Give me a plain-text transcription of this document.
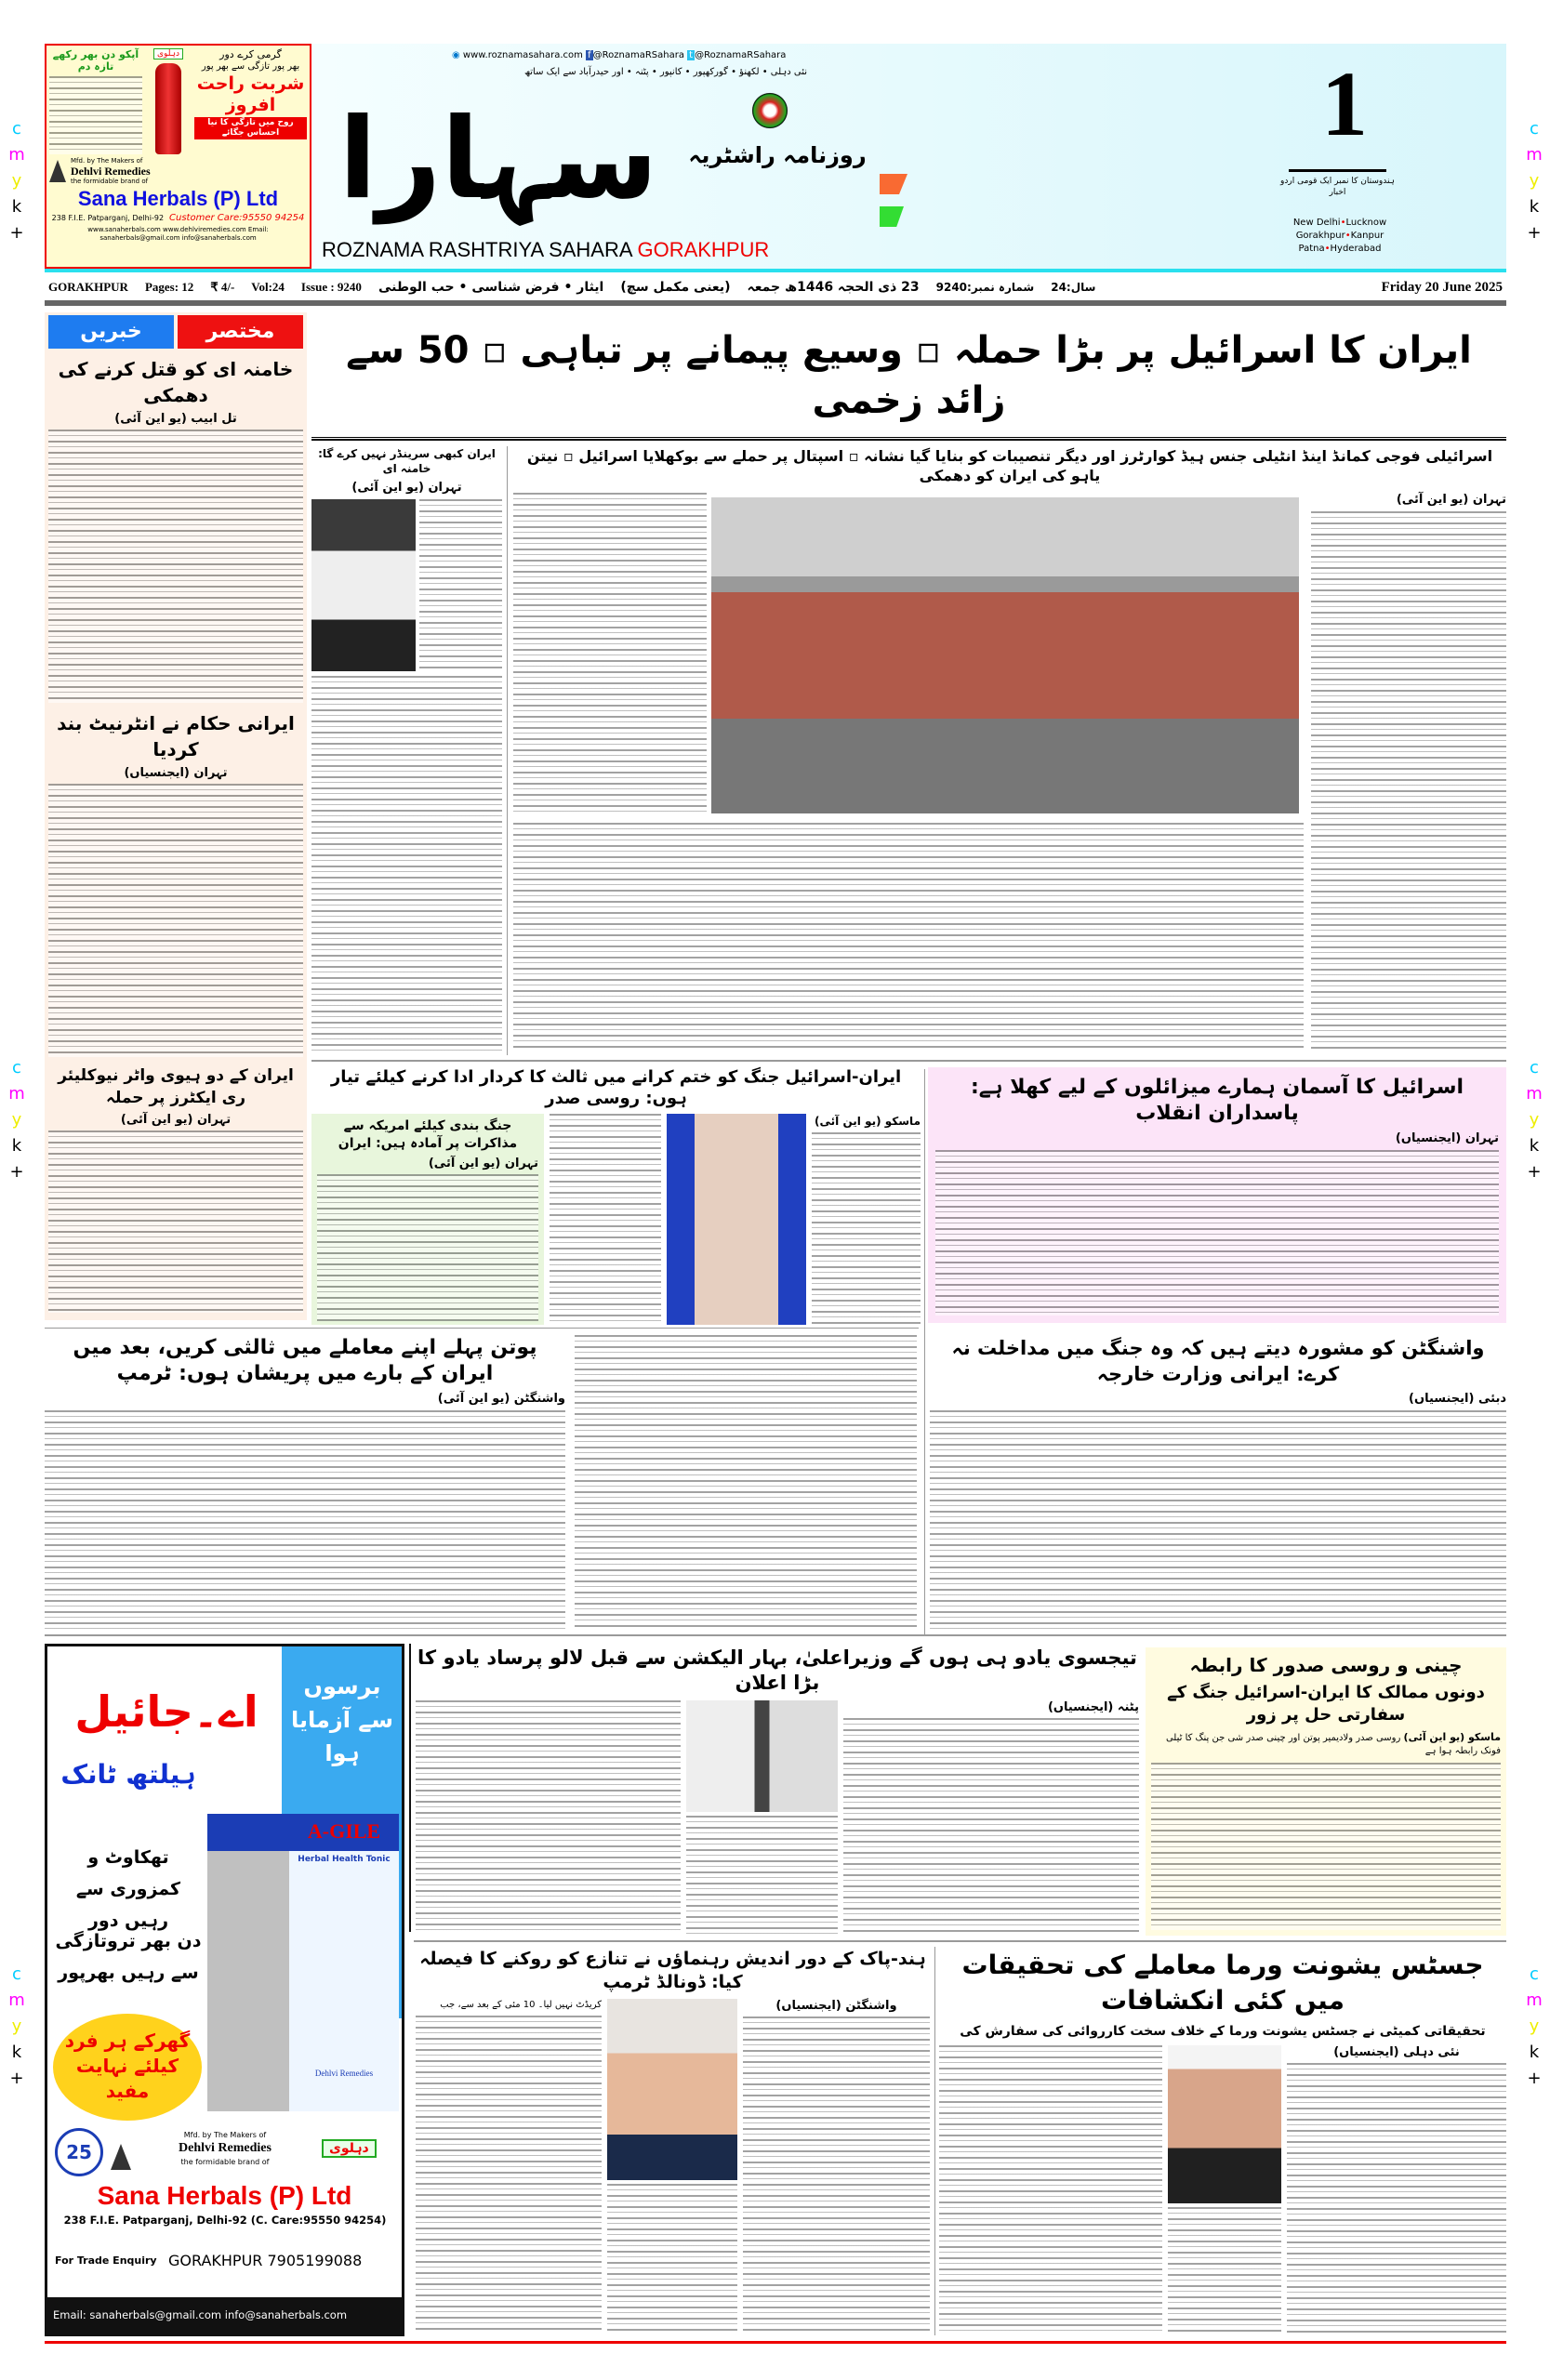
c
m
y
k
+
c
m
y
k
+
c
m
y
k
+
c
m
y
k
+
c
m
y
k
+
c
m
y
k
+
آپکو دن بھر رکھے تازہ دم
دہلوی	گرمی کرے دور
بھر پور تازگی سے بھر پور
شربت راحت افروز
روح میں تازگی کا نیا احساس جگائے
Mfd. by The Makers of
Dehlvi Remedies
the formidable brand of
Sana Herbals (P) Ltd
238 F.I.E. Patparganj, Delhi-92 Customer Care:95550 94254
www.sanaherbals.com www.dehlviremedies.com Email: sanaherbals@gmail.com info@sanaherbals.com
◉ www.roznamasahara.com f @RoznamaRSahara t @RoznamaRSahara
نئی دہلی • لکھنؤ • گورکھپور • کانپور • پٹنہ • اور حیدرآباد سے ایک ساتھ
سہارا	روزنامہ راشٹریہ
ROZNAMA RASHTRIYA SAHARA GORAKHPUR
1
ہندوستان کا نمبر ایک قومی اردو اخبار
New Delhi•Lucknow
Gorakhpur•Kanpur
Patna•Hyderabad
GORAKHPUR Pages: 12 ₹ 4/- Vol:24 Issue : 9240 ایثار • فرض شناسی • حب الوطنی (یعنی مکمل سچ) 23 ذی الحجہ 1446ھ جمعہ شمارہ نمبر:9240 سال:24	Friday 20 June 2025
خبریں	مختصر
خامنہ ای کو قتل کرنے کی دھمکی
تل ابیب (یو این آئی)
ایرانی حکام نے انٹرنیٹ بند کردیا
تہران (ایجنسیاں)
ایران کے دو ہیوی واٹر نیوکلیئر ری ایکٹرز پر حملہ
تہران (یو این آئی)
ایران کا اسرائیل پر بڑا حملہ ▫ وسیع پیمانے پر تباہی ▫ 50 سے زائد زخمی
اسرائیلی فوجی کمانڈ اینڈ انٹیلی جنس ہیڈ کوارٹرز اور دیگر تنصیبات کو بنایا گیا نشانہ ▫ اسپتال پر حملے سے بوکھلایا اسرائیل ▫ نیتن یاہو کی ایران کو دھمکی
ایران کبھی سرینڈر نہیں کرے گا: خامنہ ای
تہران (یو این آئی)
تہران (یو این آئی)
ایران-اسرائیل جنگ کو ختم کرانے میں ثالث کا کردار ادا کرنے کیلئے تیار ہوں: روسی صدر
جنگ بندی کیلئے امریکہ سے مذاکرات پر آمادہ ہیں: ایران
تہران (یو این آئی)
ماسکو (یو این آئی)
اسرائیل کا آسمان ہمارے میزائلوں کے لیے کھلا ہے: پاسداران انقلاب
تہران (ایجنسیاں)
پوتن پہلے اپنے معاملے میں ثالثی کریں، بعد میں ایران کے بارے میں پریشان ہوں: ٹرمپ
واشنگٹن (یو این آئی)
واشنگٹن کو مشورہ دیتے ہیں کہ وہ جنگ میں مداخلت نہ کرے: ایرانی وزارت خارجہ
دبئی (ایجنسیاں)
برسوں سے آزمایا ہوا
اے۔جائیل
ہیلتھ ٹانک
تھکاوٹ و کمزوری سے رہیں دور
دن بھر تروتازگی سے رہیں بھرپور
گھرکے ہر فرد کیلئے نہایت مفید
A-GILE
Herbal Health Tonic
Dehlvi Remedies
25
Mfd. by The Makers of
Dehlvi Remedies
the formidable brand of
دہلوی
Sana Herbals (P) Ltd
238 F.I.E. Patparganj, Delhi-92 (C. Care:95550 94254)
For Trade Enquiry GORAKHPUR 7905199088
Email: sanaherbals@gmail.com info@sanaherbals.com
تیجسوی یادو ہی ہوں گے وزیراعلیٰ، بہار الیکشن سے قبل لالو پرساد یادو کا بڑا اعلان
پٹنہ (ایجنسیاں)
چینی و روسی صدور کا رابطہ
دونوں ممالک کا ایران-اسرائیل جنگ کے سفارتی حل پر زور
ماسکو (یو این آئی) روسی صدر ولادیمیر پوتن اور چینی صدر شی جن پنگ کا ٹیلی فونک رابطہ ہوا ہے
ہند-پاک کے دور اندیش رہنماؤں نے تنازع کو روکنے کا فیصلہ کیا: ڈونالڈ ٹرمپ
کریڈٹ نہیں لیا۔ 10 مئی کے بعد سے، جب	واشنگٹن (ایجنسیاں)
جسٹس یشونت ورما معاملے کی تحقیقات میں کئی انکشافات
تحقیقاتی کمیٹی نے جسٹس یشونت ورما کے خلاف سخت کارروائی کی سفارش کی
نئی دہلی (ایجنسیاں)
